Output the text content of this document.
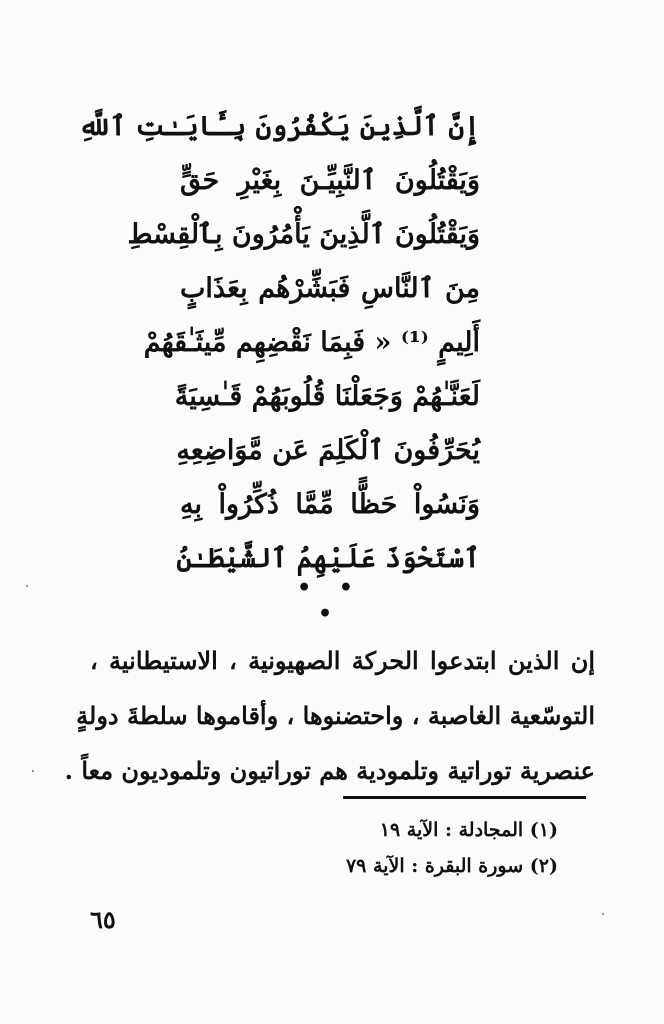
إِنَّ ٱلَّذِينَ يَكْفُرُونَ بِـَٔايَـٰتِ ٱللَّهِ
وَيَقْتُلُونَ ٱلنَّبِيِّـنَ بِغَيْرِ حَقٍّ
وَيَقْتُلُونَ ٱلَّذِينَ يَأْمُرُونَ بِٱلْقِسْطِ
مِنَ ٱلنَّاسِ فَبَشِّرْهُم بِعَذَابٍ
أَلِيمٍ ⁽¹⁾ « فَبِمَا نَقْضِهِم مِّيثَـٰقَهُمْ
لَعَنَّـٰهُمْ وَجَعَلْنَا قُلُوبَهُمْ قَـٰسِيَةً
يُحَرِّفُونَ ٱلْكَلِمَ عَن مَّوَاضِعِهِ
وَنَسُواْ حَظًّا مِّمَّا ذُكِّرُواْ بِهِ
ٱسْتَحْوَذَ عَلَيْهِمُ ٱلشَّيْطَـٰنُ
• • •
إن الذين ابتدعوا الحركة الصهيونية ، الاستيطانية ،
التوسّعية الغاصبة ، واحتضنوها ، وأقاموها سلطةَ دولةٍ
عنصرية توراتية وتلمودية هم توراتيون وتلموديون معاً .
(١) المجادلة : الآية ١٩
(٢) سورة البقرة : الآية ٧٩
٦٥
